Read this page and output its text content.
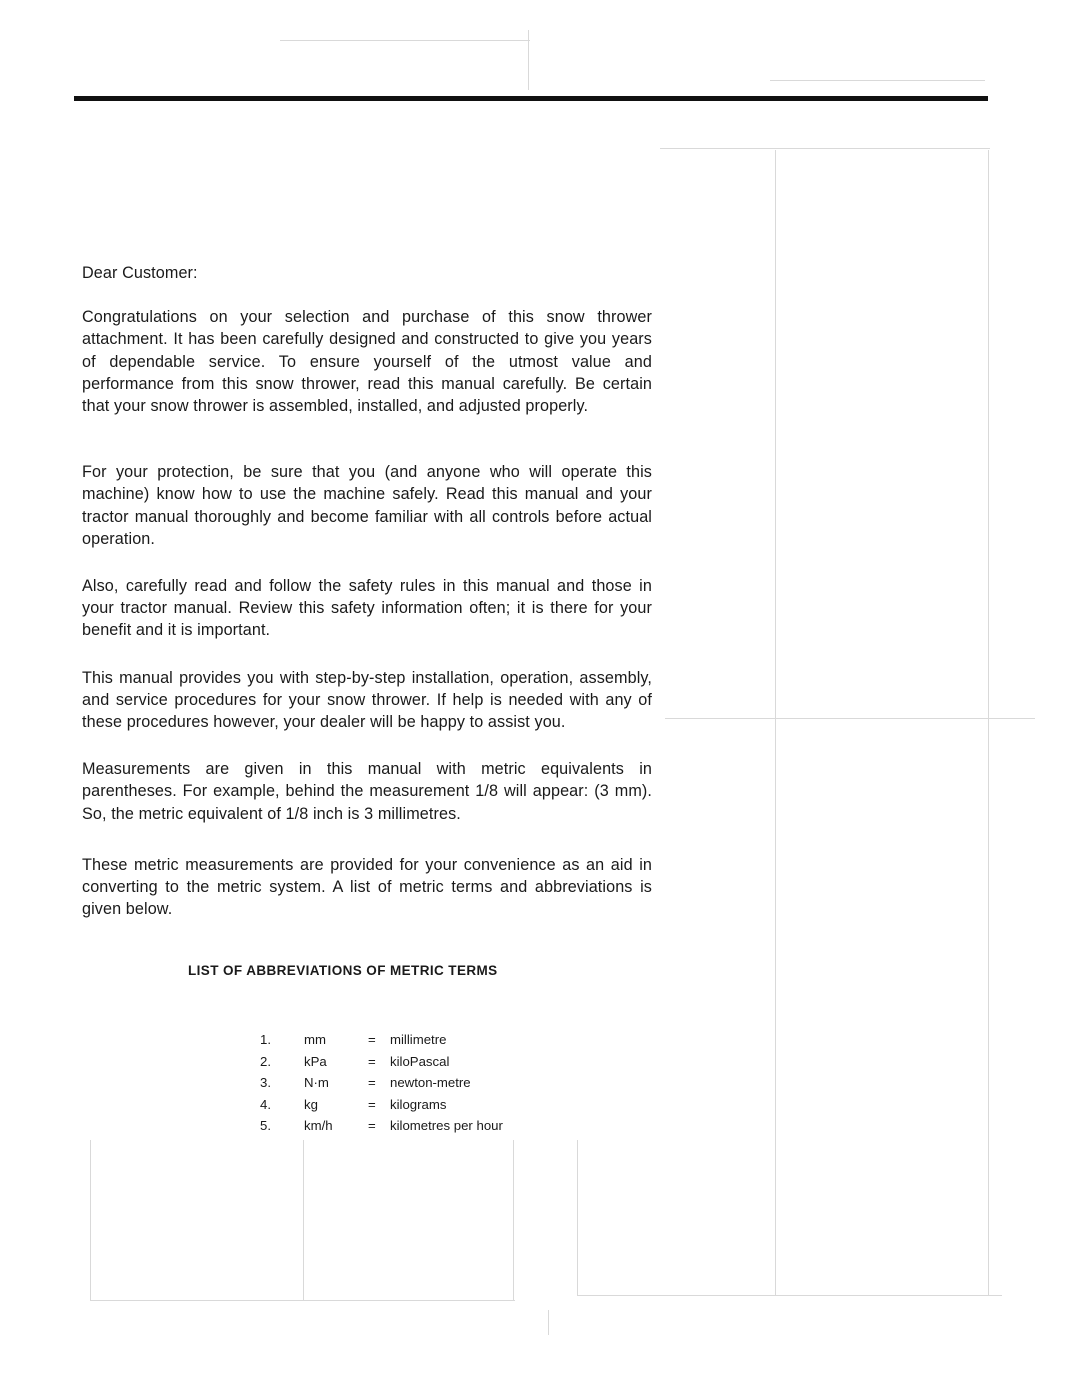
Dear Customer:

Congratulations on your selection and purchase of this snow thrower attachment. It has been carefully designed and constructed to give you years of dependable service. To ensure yourself of the utmost value and performance from this snow thrower, read this manual carefully. Be certain that your snow thrower is assembled, installed, and adjusted properly.

For your protection, be sure that you (and anyone who will operate this machine) know how to use the machine safely. Read this manual and your tractor manual thoroughly and become familiar with all controls before actual operation.

Also, carefully read and follow the safety rules in this manual and those in your tractor manual. Review this safety information often; it is there for your benefit and it is important.

This manual provides you with step-by-step installation, operation, assembly, and service procedures for your snow thrower. If help is needed with any of these procedures however, your dealer will be happy to assist you.

Measurements are given in this manual with metric equivalents in parentheses. For example, behind the measurement 1/8 will appear: (3 mm). So, the metric equivalent of 1/8 inch is 3 millimetres.

These metric measurements are provided for your convenience as an aid in converting to the metric system. A list of metric terms and abbreviations is given below.

LIST OF ABBREVIATIONS OF METRIC TERMS
1.	mm	= millimetre
2.	kPa	= kiloPascal
3.	N·m	= newton-metre
4.	kg	= kilograms
5.	km/h	= kilometres per hour
